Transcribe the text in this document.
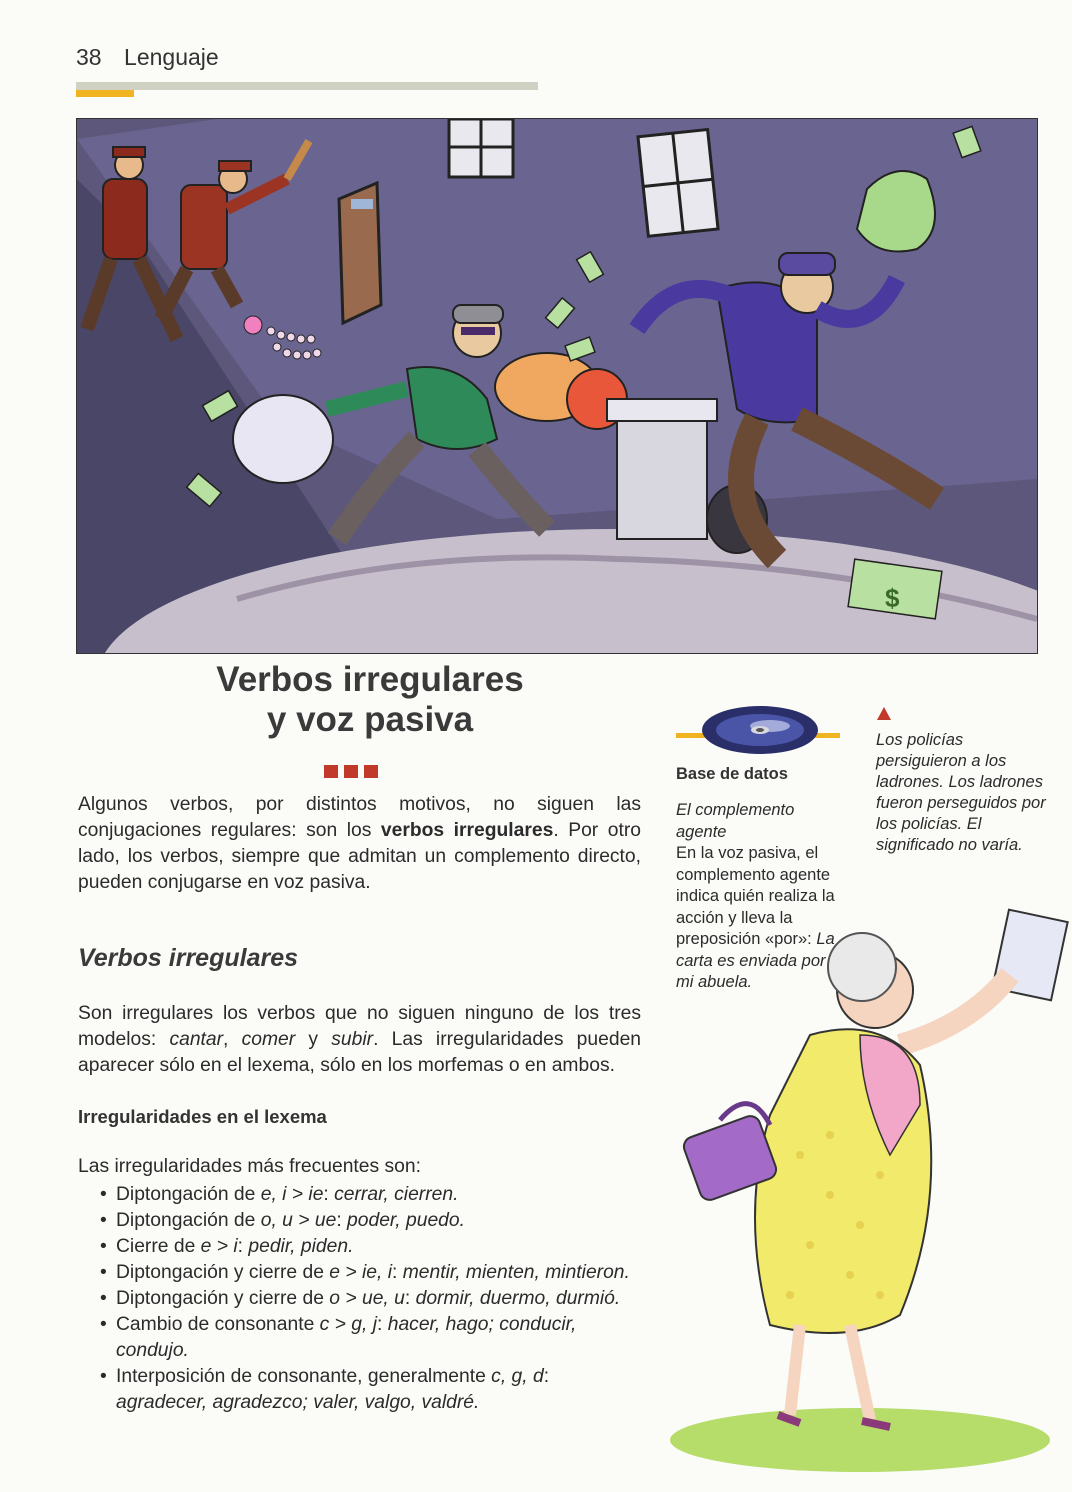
38 Lenguaje
$
Verbos irregulares
y voz pasiva

Algunos verbos, por distintos motivos, no siguen las conjugaciones regulares: son los verbos irregulares. Por otro lado, los verbos, siempre que admitan un complemento directo, pueden conjugarse en voz pasiva.

Verbos irregulares

Son irregulares los verbos que no siguen ninguno de los tres modelos: cantar, comer y subir. Las irregularidades pueden aparecer sólo en el lexema, sólo en los morfemas o en ambos.

Irregularidades en el lexema
Las irregularidades más frecuentes son:
• Diptongación de e, i > ie: cerrar, cierren.
• Diptongación de o, u > ue: poder, puedo.
• Cierre de e > i: pedir, piden.
• Diptongación y cierre de e > ie, i: mentir, mienten, mintieron.
• Diptongación y cierre de o > ue, u: dormir, duermo, durmió.
• Cambio de consonante c > g, j: hacer, hago; conducir, condujo.
• Interposición de consonante, generalmente c, g, d: agradecer, agradezco; valer, valgo, valdré.
Base de datos
El complemento agente
En la voz pasiva, el complemento agente indica quién realiza la acción y lleva la preposición «por»: La carta es enviada por mi abuela.
Los policías persiguieron a los ladrones. Los ladrones fueron perseguidos por los policías. El significado no varía.
